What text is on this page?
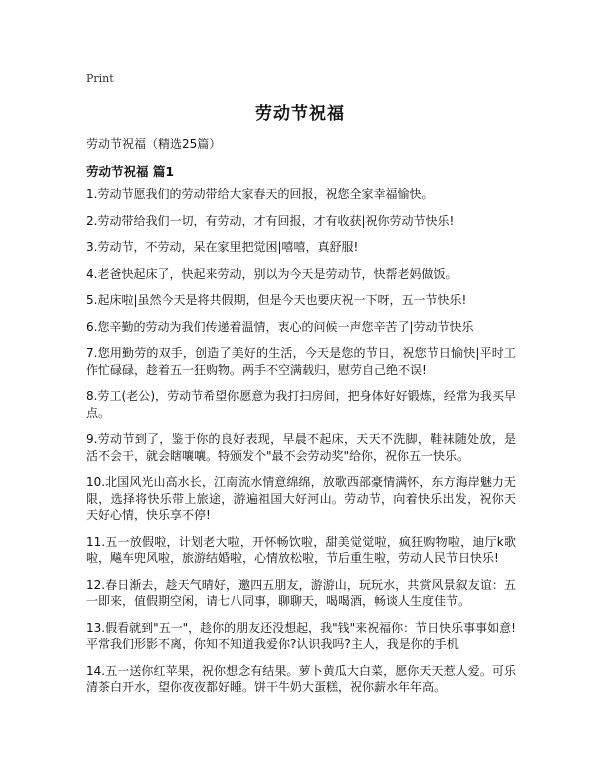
Print
劳动节祝福
劳动节祝福（精选25篇）
劳动节祝福 篇1

1.劳动节愿我们的劳动带给大家春天的回报，祝您全家幸福愉快。

2.劳动带给我们一切，有劳动，才有回报，才有收获|祝你劳动节快乐!

3.劳动节，不劳动，呆在家里把觉困|嘻嘻，真舒服!

4.老爸快起床了，快起来劳动，别以为今天是劳动节，快帮老妈做饭。

5.起床啦|虽然今天是将共假期，但是今天也要庆祝一下呀，五一节快乐!

6.您辛勤的劳动为我们传递着温情，衷心的问候一声您辛苦了|劳动节快乐

7.您用勤劳的双手，创造了美好的生活，今天是您的节日，祝您节日愉快|平时工作忙碌碌，趁着五一狂购物。两手不空满载归，慰劳自己绝不误!

8.劳工(老公)，劳动节希望你愿意为我打扫房间，把身体好好锻炼，经常为我买早点。

9.劳动节到了，鉴于你的良好表现，早晨不起床，天天不洗脚，鞋袜随处放，是活不会干，就会瞎嚷嚷。特颁发个"最不会劳动奖"给你，祝你五一快乐。

10.北国风光山高水长，江南流水情意绵绵，放歌西部豪情满怀，东方海岸魅力无限，选择将快乐带上旅途，游遍祖国大好河山。劳动节，向着快乐出发，祝你天天好心情，快乐享不停!

11.五一放假啦，计划老大啦，开怀畅饮啦，甜美觉觉啦，疯狂购物啦，迪厅k歌啦，飚车兜风啦，旅游结婚啦，心情放松啦，节后重生啦，劳动人民节日快乐!

12.春日渐去，趁天气晴好，邀四五朋友，游游山，玩玩水，共赏风景叙友谊：五一即来，值假期空闲，请七八同事，聊聊天，喝喝酒，畅谈人生度佳节。

13.假看就到"五一"，趁你的朋友还没想起，我"钱"来祝福你：节日快乐事事如意!平常我们形影不离，你知不知道我爱你?认识我吗?主人，我是你的手机

14.五一送你红苹果，祝你想念有结果。萝卜黄瓜大白菜，愿你天天惹人爱。可乐清茶白开水，望你夜夜都好睡。饼干牛奶大蛋糕，祝你薪水年年高。
